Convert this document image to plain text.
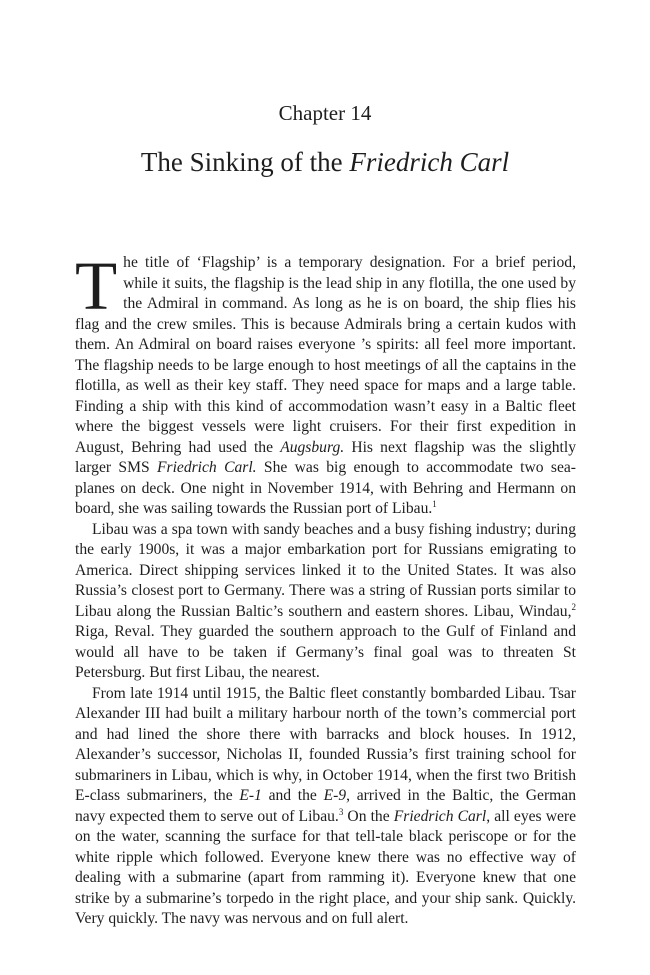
Chapter 14
The Sinking of the Friedrich Carl

The title of ‘Flagship’ is a temporary designation. For a brief period, while it suits, the flagship is the lead ship in any flotilla, the one used by the Admiral in command. As long as he is on board, the ship flies his flag and the crew smiles. This is because Admirals bring a certain kudos with them. An Admiral on board raises everyone ’s spirits: all feel more important. The flagship needs to be large enough to host meetings of all the captains in the flotilla, as well as their key staff. They need space for maps and a large table. Finding a ship with this kind of accommodation wasn’t easy in a Baltic fleet where the biggest vessels were light cruisers. For their first expedition in August, Behring had used the Augsburg. His next flagship was the slightly larger SMS Friedrich Carl. She was big enough to accommodate two sea-planes on deck. One night in November 1914, with Behring and Hermann on board, she was sailing towards the Russian port of Libau.$^1$

Libau was a spa town with sandy beaches and a busy fishing industry; during the early 1900s, it was a major embarkation port for Russians emigrating to America. Direct shipping services linked it to the United States. It was also Russia’s closest port to Germany. There was a string of Russian ports similar to Libau along the Russian Baltic’s southern and eastern shores. Libau, Windau,$^2$ Riga, Reval. They guarded the southern approach to the Gulf of Finland and would all have to be taken if Germany’s final goal was to threaten St Petersburg. But first Libau, the nearest.

From late 1914 until 1915, the Baltic fleet constantly bombarded Libau. Tsar Alexander III had built a military harbour north of the town’s commercial port and had lined the shore there with barracks and block houses. In 1912, Alexander’s successor, Nicholas II, founded Russia’s first training school for submariners in Libau, which is why, in October 1914, when the first two British E-class submariners, the E-1 and the E-9, arrived in the Baltic, the German navy expected them to serve out of Libau.$^3$ On the Friedrich Carl, all eyes were on the water, scanning the surface for that tell-tale black periscope or for the white ripple which followed. Everyone knew there was no effective way of dealing with a submarine (apart from ramming it). Everyone knew that one strike by a submarine’s torpedo in the right place, and your ship sank. Quickly. Very quickly. The navy was nervous and on full alert.
